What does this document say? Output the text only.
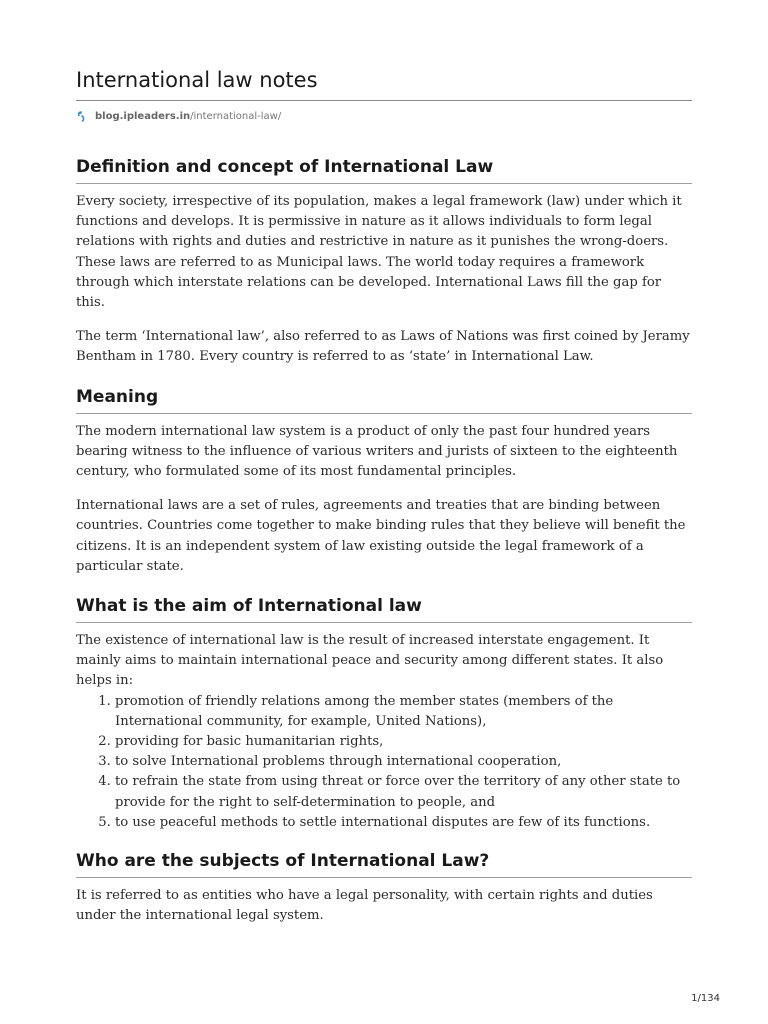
International law notes
blog.ipleaders.in /international-law/
Definition and concept of International Law

Every society, irrespective of its population, makes a legal framework (law) under which it functions and develops. It is permissive in nature as it allows individuals to form legal relations with rights and duties and restrictive in nature as it punishes the wrong-doers. These laws are referred to as Municipal laws. The world today requires a framework through which interstate relations can be developed. International Laws fill the gap for this.

The term ‘International law’, also referred to as Laws of Nations was first coined by Jeramy Bentham in 1780. Every country is referred to as ‘state’ in International Law.

Meaning

The modern international law system is a product of only the past four hundred years bearing witness to the influence of various writers and jurists of sixteen to the eighteenth century, who formulated some of its most fundamental principles.

International laws are a set of rules, agreements and treaties that are binding between countries. Countries come together to make binding rules that they believe will benefit the citizens. It is an independent system of law existing outside the legal framework of a particular state.

What is the aim of International law

The existence of international law is the result of increased interstate engagement. It mainly aims to maintain international peace and security among different states. It also helps in:

1. promotion of friendly relations among the member states (members of the International community, for example, United Nations),
2. providing for basic humanitarian rights,
3. to solve International problems through international cooperation,
4. to refrain the state from using threat or force over the territory of any other state to provide for the right to self-determination to people, and
5. to use peaceful methods to settle international disputes are few of its functions.
Who are the subjects of International Law?

It is referred to as entities who have a legal personality, with certain rights and duties under the international legal system.

1/134
